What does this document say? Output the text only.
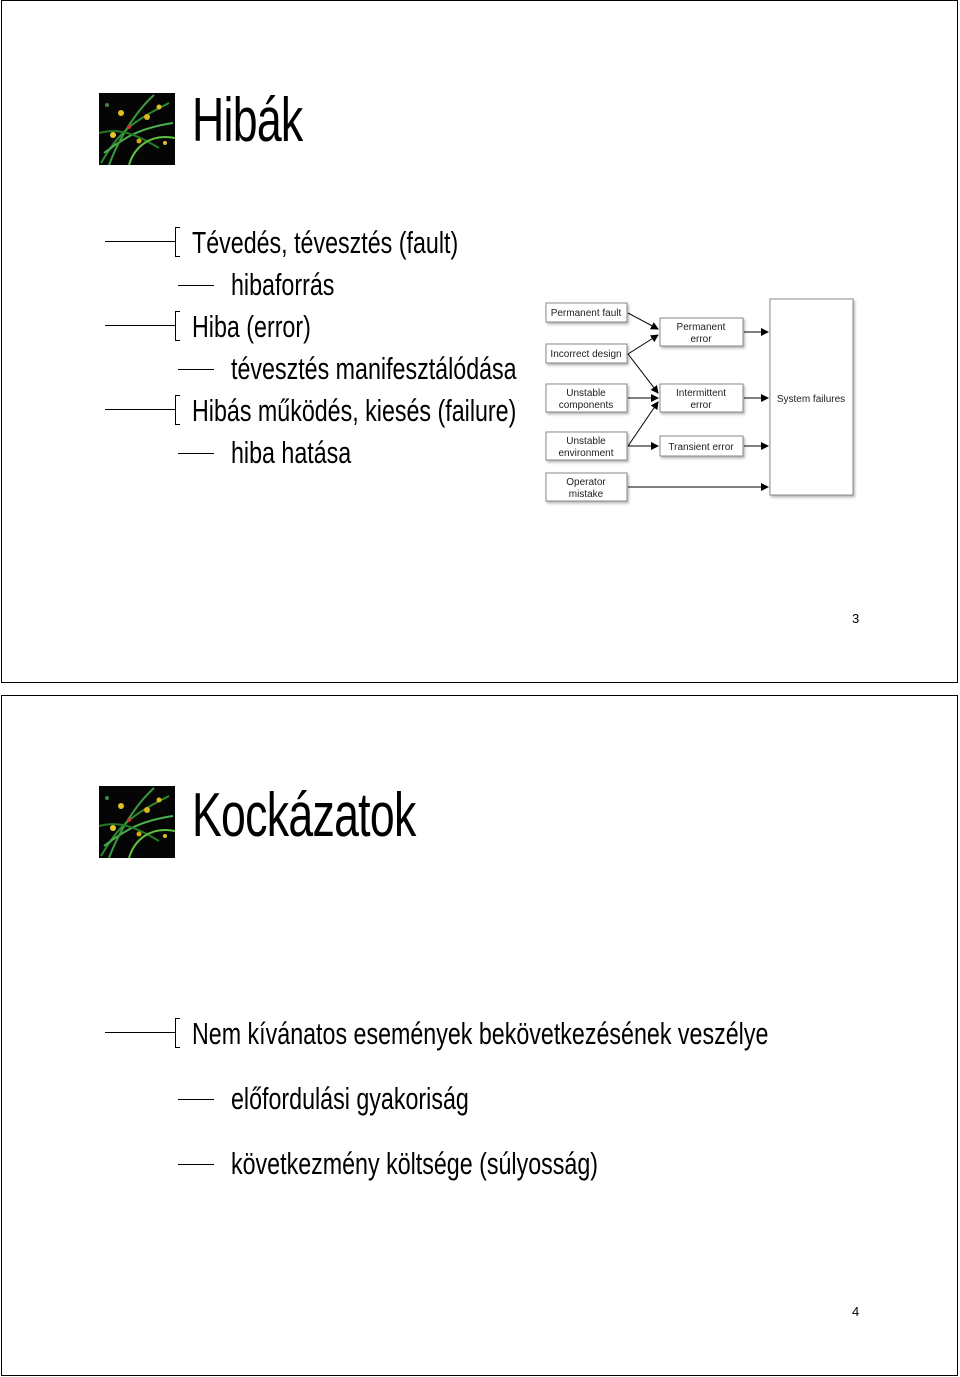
Hibák
Tévedés, tévesztés (fault)
hibaforrás
Hiba (error)
tévesztés manifesztálódása
Hibás működés, kiesés (failure)
hiba hatása
Permanent fault
Incorrect design
Unstable
components
Unstable
environment
Operator
mistake
Permanent
error
Intermittent
error
Transient error
System failures
3
Kockázatok
Nem kívánatos események bekövetkezésének veszélye
előfordulási gyakoriság
következmény költsége (súlyosság)
4
